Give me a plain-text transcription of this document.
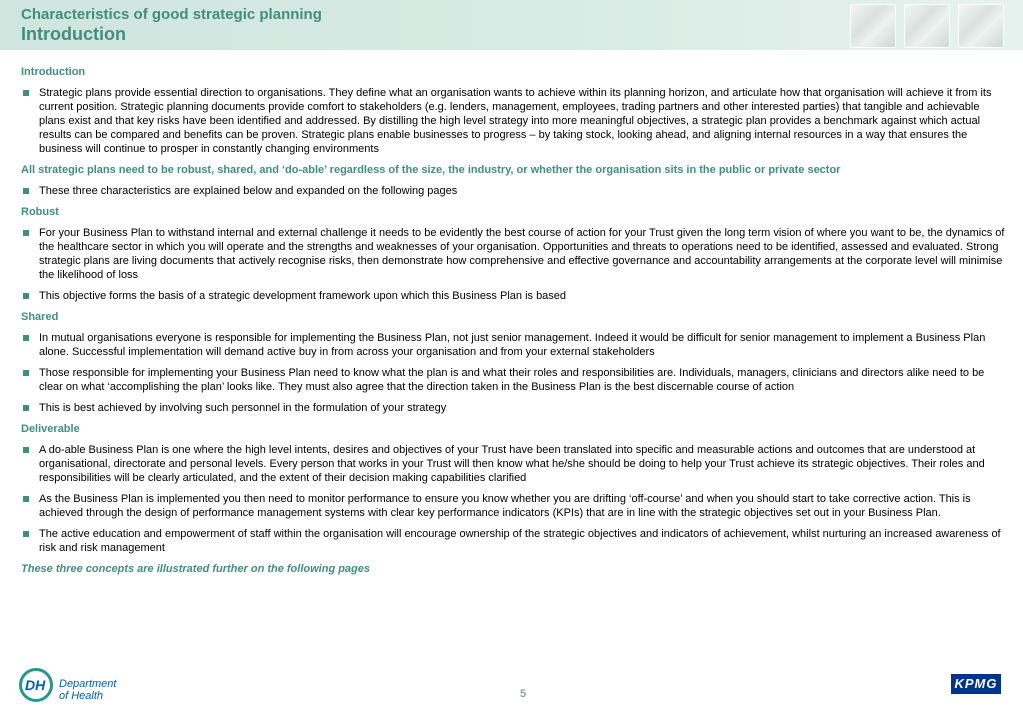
Characteristics of good strategic planning
Introduction
Introduction
Strategic plans provide essential direction to organisations. They define what an organisation wants to achieve within its planning horizon, and articulate how that organisation will achieve it from its current position. Strategic planning documents provide comfort to stakeholders (e.g. lenders, management, employees, trading partners and other interested parties) that tangible and achievable plans exist and that key risks have been identified and addressed. By distilling the high level strategy into more meaningful objectives, a strategic plan provides a benchmark against which actual results can be compared and benefits can be proven. Strategic plans enable businesses to progress – by taking stock, looking ahead, and aligning internal resources in a way that ensures the business will continue to prosper in constantly changing environments
All strategic plans need to be robust, shared, and ‘do-able’ regardless of the size, the industry, or whether the organisation sits in the public or private sector
These three characteristics are explained below and expanded on the following pages
Robust
For your Business Plan to withstand internal and external challenge it needs to be evidently the best course of action for your Trust given the long term vision of where you want to be, the dynamics of the healthcare sector in which you will operate and the strengths and weaknesses of your organisation. Opportunities and threats to operations need to be identified, assessed and evaluated. Strong strategic plans are living documents that actively recognise risks, then demonstrate how comprehensive and effective governance and accountability arrangements at the corporate level will minimise the likelihood of loss
This objective forms the basis of a strategic development framework upon which this Business Plan is based
Shared
In mutual organisations everyone is responsible for implementing the Business Plan, not just senior management. Indeed it would be difficult for senior management to implement a Business Plan alone. Successful implementation will demand active buy in from across your organisation and from your external stakeholders
Those responsible for implementing your Business Plan need to know what the plan is and what their roles and responsibilities are. Individuals, managers, clinicians and directors alike need to be clear on what ‘accomplishing the plan’ looks like. They must also agree that the direction taken in the Business Plan is the best discernable course of action
This is best achieved by involving such personnel in the formulation of your strategy
Deliverable
A do-able Business Plan is one where the high level intents, desires and objectives of your Trust have been translated into specific and measurable actions and outcomes that are understood at organisational, directorate and personal levels. Every person that works in your Trust will then know what he/she should be doing to help your Trust achieve its strategic objectives. Their roles and responsibilities will be clearly articulated, and the extent of their decision making capabilities clarified
As the Business Plan is implemented you then need to monitor performance to ensure you know whether you are drifting ‘off-course’ and when you should start to take corrective action. This is achieved through the design of performance management systems with clear key performance indicators (KPIs) that are in line with the strategic objectives set out in your Business Plan.
The active education and empowerment of staff within the organisation will encourage ownership of the strategic objectives and indicators of achievement, whilst nurturing an increased awareness of risk and risk management
These three concepts are illustrated further on the following pages
DH Department
of Health	5
KPMG
